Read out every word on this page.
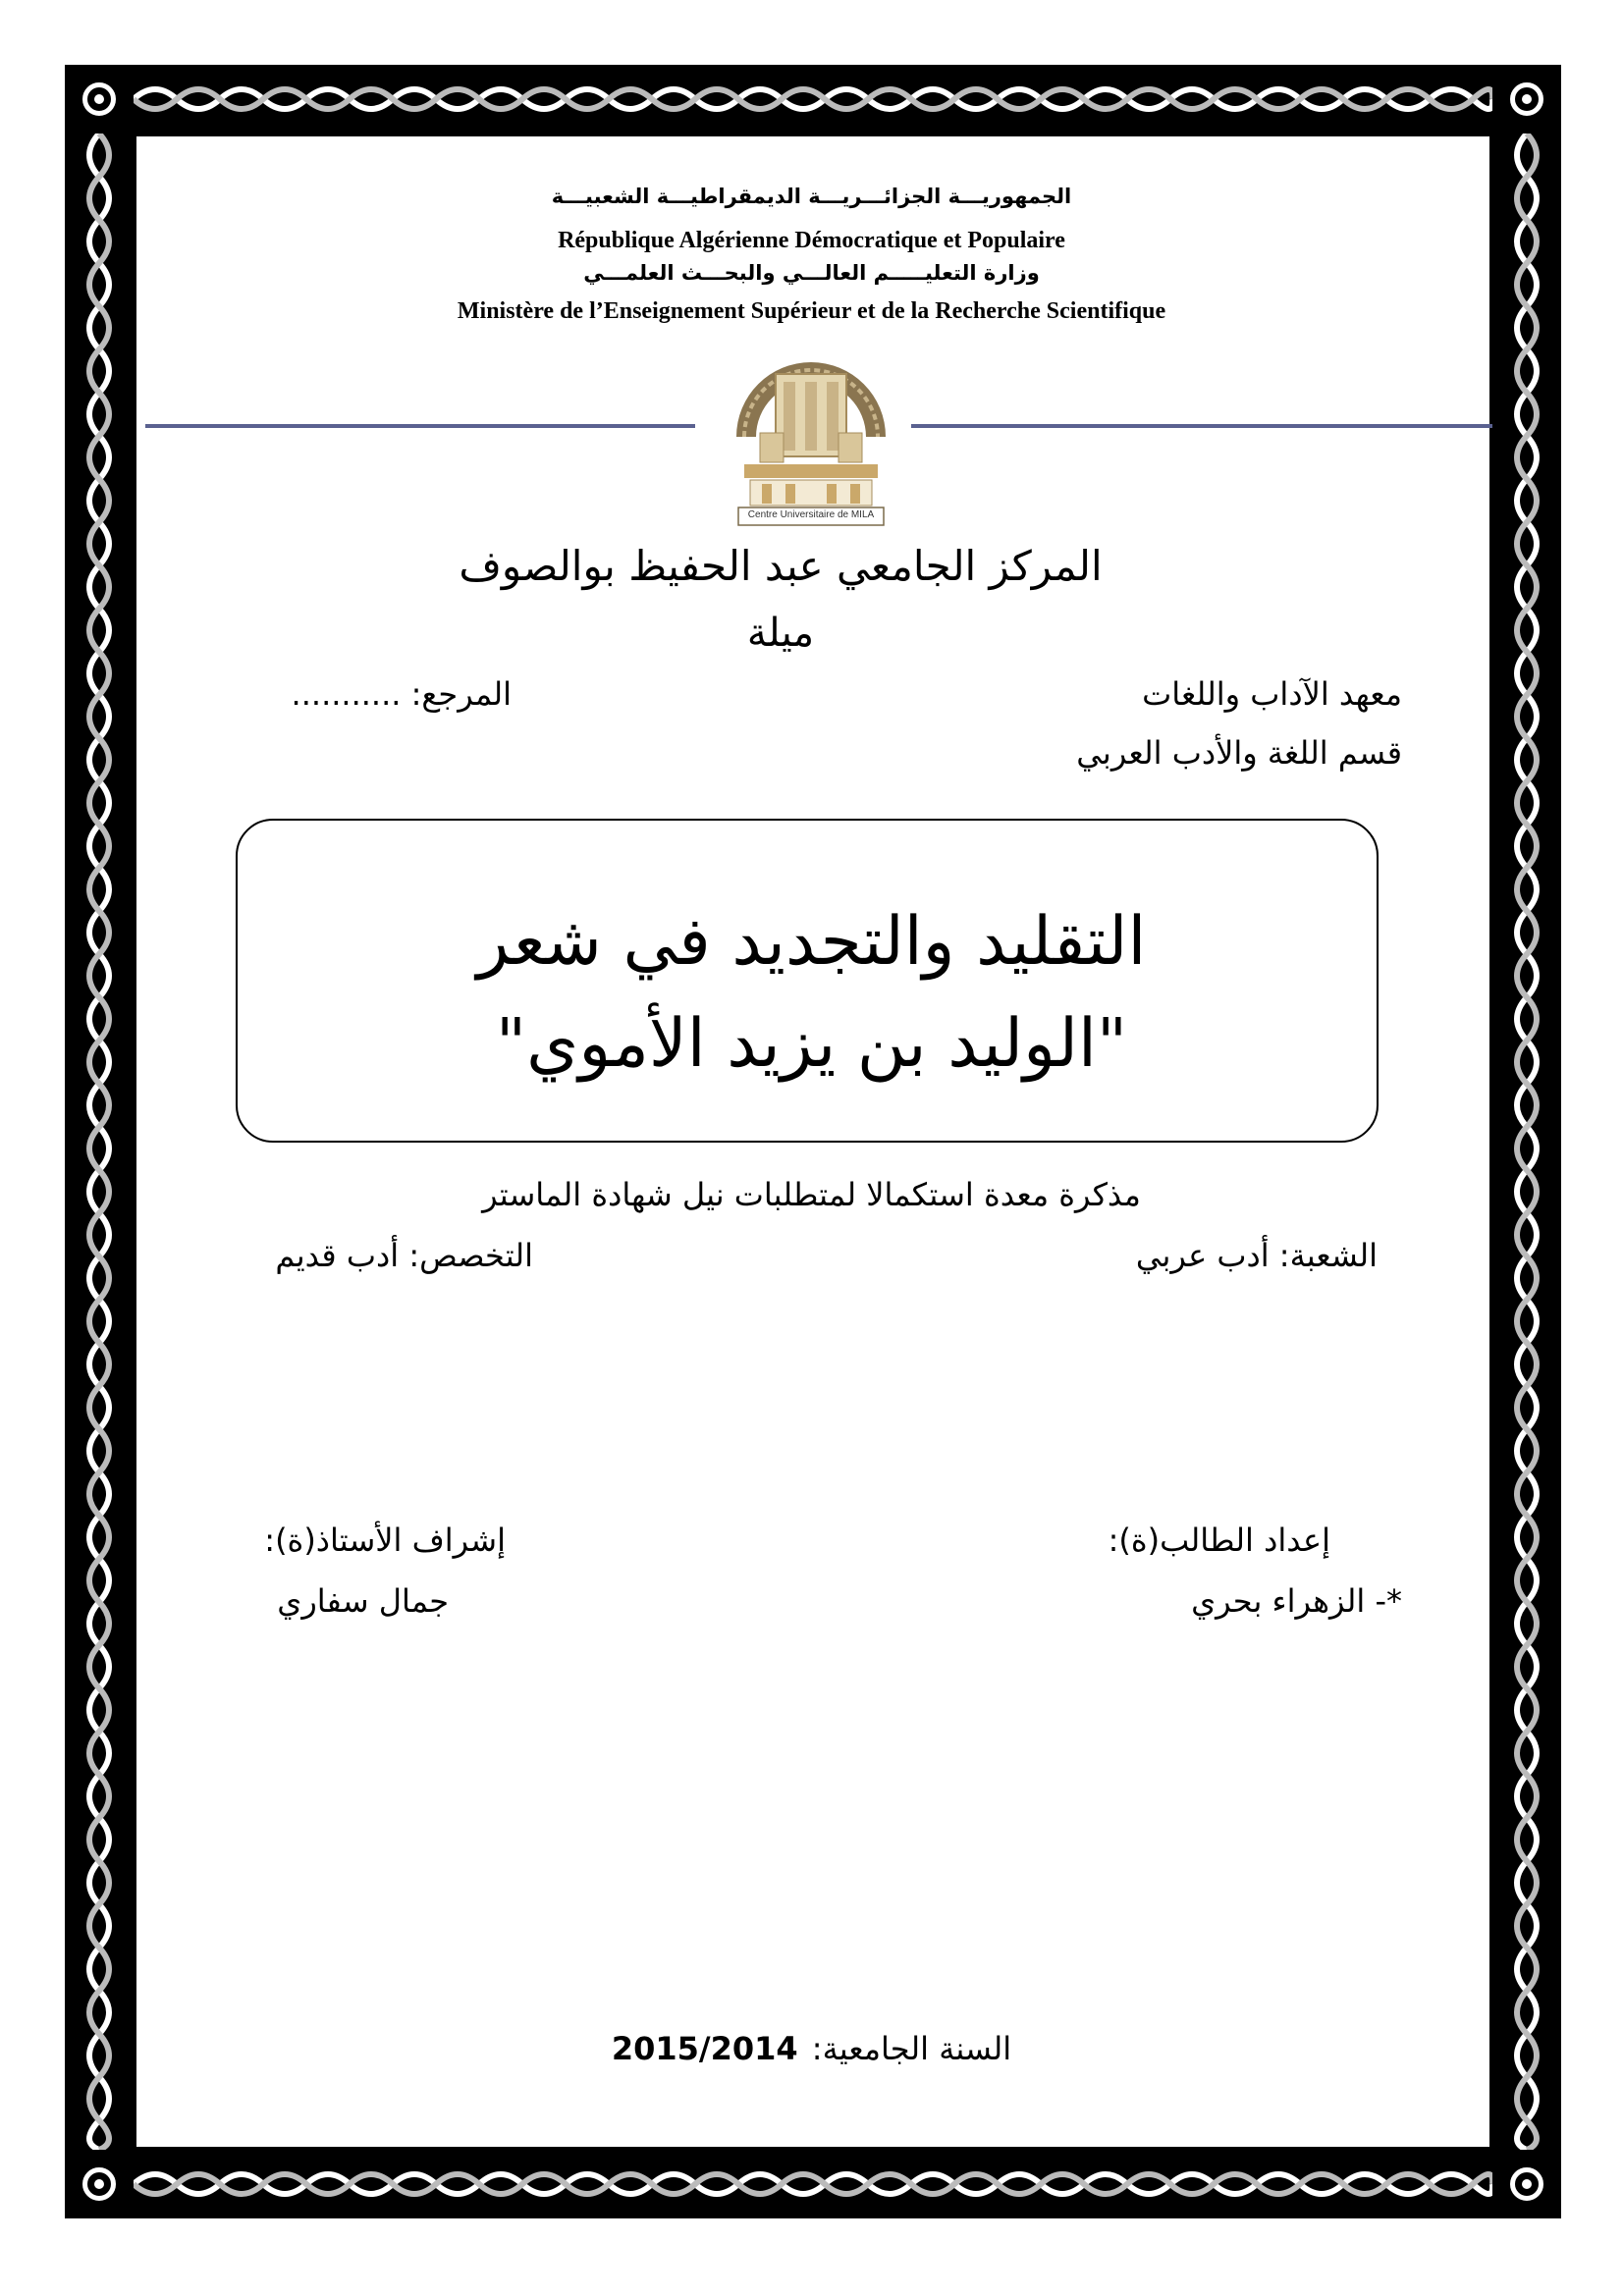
الجمهوريـــة الجزائـــريـــة الديمقراطيـــة الشعبيـــة
République Algérienne Démocratique et Populaire
وزارة التعليـــــم العالـــي والبحـــث العلمـــي
Ministère de l’Enseignement Supérieur et de la Recherche Scientifique
Centre Universitaire de MILA
المركز الجامعي عبد الحفيظ بوالصوف
ميلة
معهد الآداب واللغات
المرجع: ...........
قسم اللغة والأدب العربي
التقليد والتجديد في شعر
"الوليد بن يزيد الأموي"
مذكرة معدة استكمالا لمتطلبات نيل شهادة الماستر
الشعبة: أدب عربي
التخصص: أدب قديم
إعداد الطالب(ة):
إشراف الأستاذ(ة):
*- الزهراء بحري
جمال سفاري
2015/2014 السنة الجامعية:
